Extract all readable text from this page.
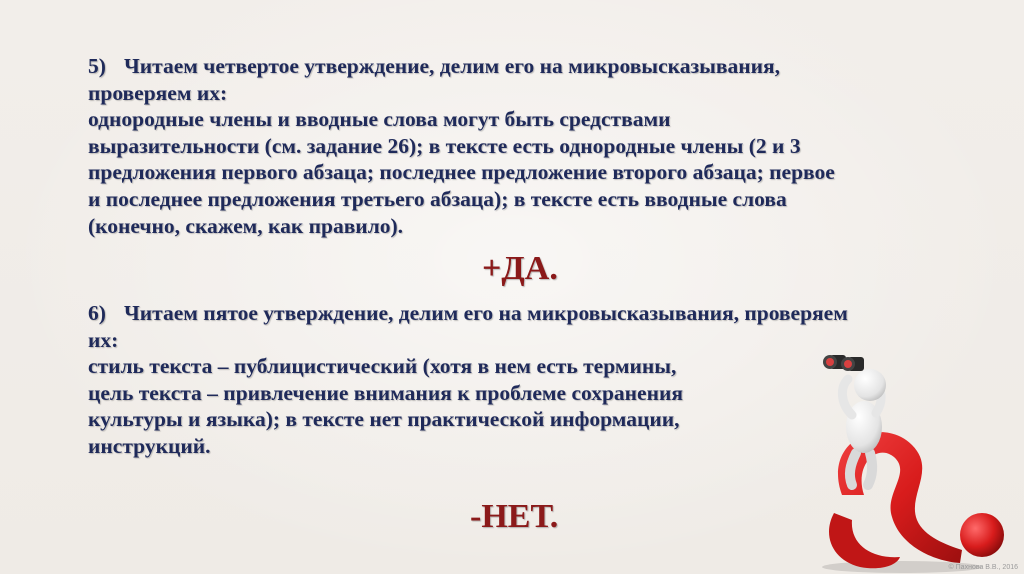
5) Читаем четвертое утверждение, делим его на микровысказывания,
проверяем их:
однородные члены и вводные слова могут быть средствами
выразительности (см. задание 26); в тексте есть однородные члены (2 и 3
предложения первого абзаца; последнее предложение второго абзаца; первое
и последнее предложения третьего абзаца); в тексте есть вводные слова
(конечно, скажем, как правило).
+ДА.
6) Читаем пятое утверждение, делим его на микровысказывания, проверяем
их:
стиль текста – публицистический (хотя в нем есть термины,
цель текста – привлечение внимания к проблеме сохранения
культуры и языка); в тексте нет практической информации,
инструкций.
-НЕТ.
© Пахнова В.В., 2016
